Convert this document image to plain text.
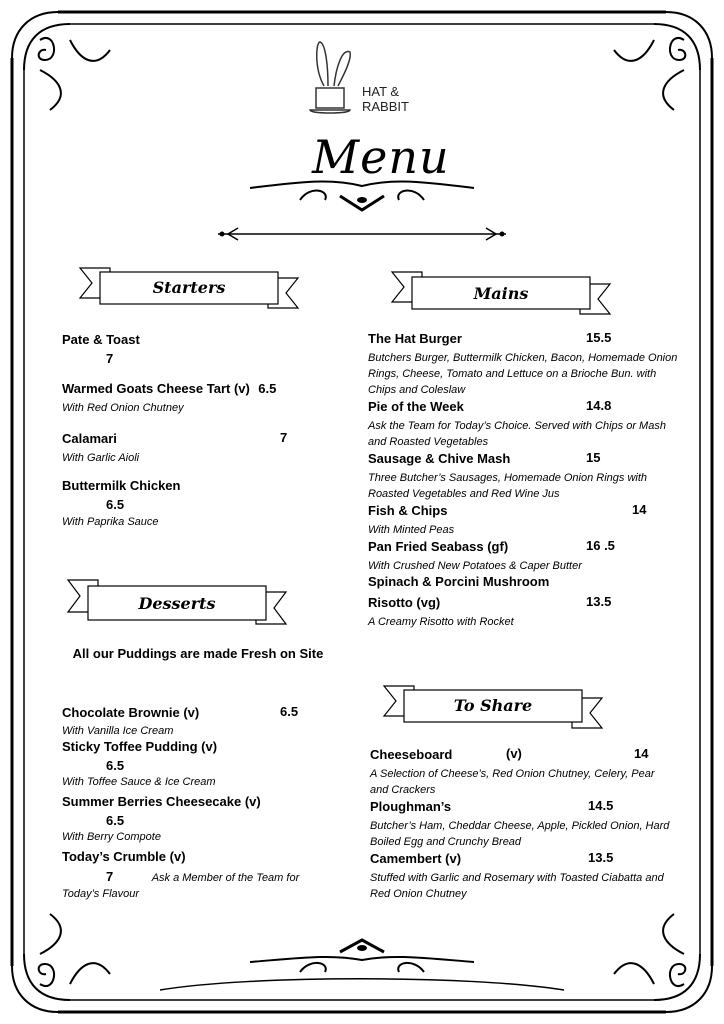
HAT &
RABBIT
Menu
Starters	Mains
Desserts
To Share
Pate & Toast
7
Warmed Goats Cheese Tart (v) 6.5
With Red Onion Chutney
Calamari	7
With Garlic Aioli
Buttermilk Chicken
6.5
With Paprika Sauce
All our Puddings are made Fresh on Site
Chocolate Brownie (v)	6.5
With Vanilla Ice Cream
Sticky Toffee Pudding (v)
6.5
With Toffee Sauce & Ice Cream
Summer Berries Cheesecake (v)
6.5
With Berry Compote
Today’s Crumble (v)
7	Ask a Member of the Team for
Today’s Flavour
The Hat Burger	15.5
Butchers Burger, Buttermilk Chicken, Bacon, Homemade Onion Rings, Cheese, Tomato and Lettuce on a Brioche Bun. with Chips and Coleslaw
Pie of the Week	14.8
Ask the Team for Today’s Choice. Served with Chips or Mash and Roasted Vegetables
Sausage & Chive Mash	15
Three Butcher’s Sausages, Homemade Onion Rings with Roasted Vegetables and Red Wine Jus
Fish & Chips	14
With Minted Peas
Pan Fried Seabass (gf)	16 .5
With Crushed New Potatoes & Caper Butter
Spinach & Porcini Mushroom
Risotto (vg)	13.5
A Creamy Risotto with Rocket
Cheeseboard	(v)	14
A Selection of Cheese’s, Red Onion Chutney, Celery, Pear and Crackers
Ploughman’s	14.5
Butcher’s Ham, Cheddar Cheese, Apple, Pickled Onion, Hard Boiled Egg and Crunchy Bread
Camembert (v)	13.5
Stuffed with Garlic and Rosemary with Toasted Ciabatta and Red Onion Chutney
